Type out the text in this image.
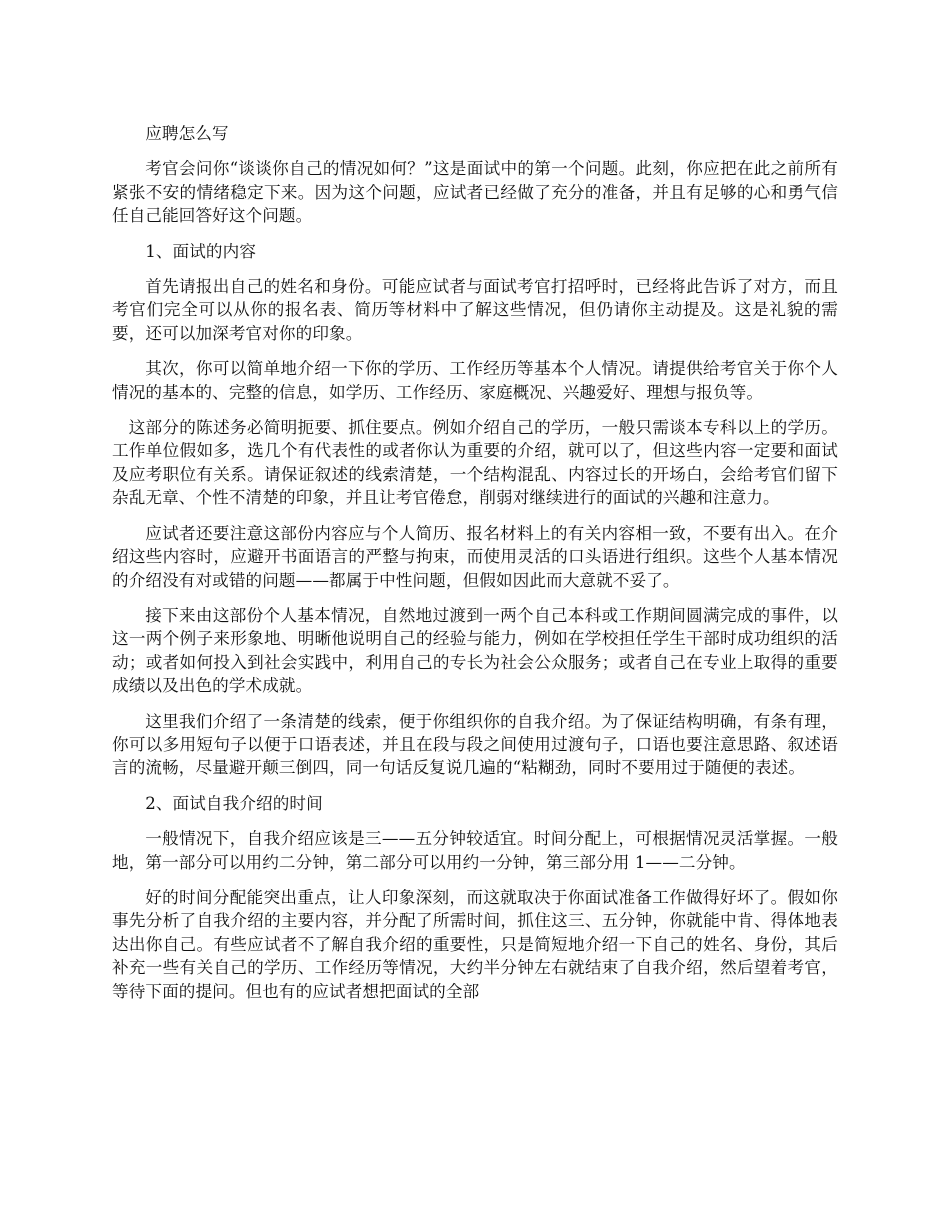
应聘怎么写

考官会问你“谈谈你自己的情况如何？”这是面试中的第一个问题。此刻，你应把在此之前所有紧张不安的情绪稳定下来。因为这个问题，应试者已经做了充分的准备，并且有足够的心和勇气信任自己能回答好这个问题。

1、面试的内容

首先请报出自己的姓名和身份。可能应试者与面试考官打招呼时，已经将此告诉了对方，而且考官们完全可以从你的报名表、简历等材料中了解这些情况，但仍请你主动提及。这是礼貌的需要，还可以加深考官对你的印象。

其次，你可以简单地介绍一下你的学历、工作经历等基本个人情况。请提供给考官关于你个人情况的基本的、完整的信息，如学历、工作经历、家庭概况、兴趣爱好、理想与报负等。

这部分的陈述务必简明扼要、抓住要点。例如介绍自己的学历，一般只需谈本专科以上的学历。工作单位假如多，选几个有代表性的或者你认为重要的介绍，就可以了，但这些内容一定要和面试及应考职位有关系。请保证叙述的线索清楚，一个结构混乱、内容过长的开场白，会给考官们留下杂乱无章、个性不清楚的印象，并且让考官倦怠，削弱对继续进行的面试的兴趣和注意力。

应试者还要注意这部份内容应与个人简历、报名材料上的有关内容相一致，不要有出入。在介绍这些内容时，应避开书面语言的严整与拘束，而使用灵活的口头语进行组织。这些个人基本情况的介绍没有对或错的问题——都属于中性问题，但假如因此而大意就不妥了。

接下来由这部份个人基本情况，自然地过渡到一两个自己本科或工作期间圆满完成的事件，以这一两个例子来形象地、明晰他说明自己的经验与能力，例如在学校担任学生干部时成功组织的活动；或者如何投入到社会实践中，利用自己的专长为社会公众服务；或者自己在专业上取得的重要成绩以及出色的学术成就。

这里我们介绍了一条清楚的线索，便于你组织你的自我介绍。为了保证结构明确，有条有理，你可以多用短句子以便于口语表述，并且在段与段之间使用过渡句子，口语也要注意思路、叙述语言的流畅，尽量避开颠三倒四，同一句话反复说几遍的“粘糊劲，同时不要用过于随便的表述。

2、面试自我介绍的时间

一般情况下，自我介绍应该是三——五分钟较适宜。时间分配上，可根据情况灵活掌握。一般地，第一部分可以用约二分钟，第二部分可以用约一分钟，第三部分用 1——二分钟。

好的时间分配能突出重点，让人印象深刻，而这就取决于你面试准备工作做得好坏了。假如你事先分析了自我介绍的主要内容，并分配了所需时间，抓住这三、五分钟，你就能中肯、得体地表达出你自己。有些应试者不了解自我介绍的重要性，只是简短地介绍一下自己的姓名、身份，其后补充一些有关自己的学历、工作经历等情况，大约半分钟左右就结束了自我介绍，然后望着考官，等待下面的提问。但也有的应试者想把面试的全部
